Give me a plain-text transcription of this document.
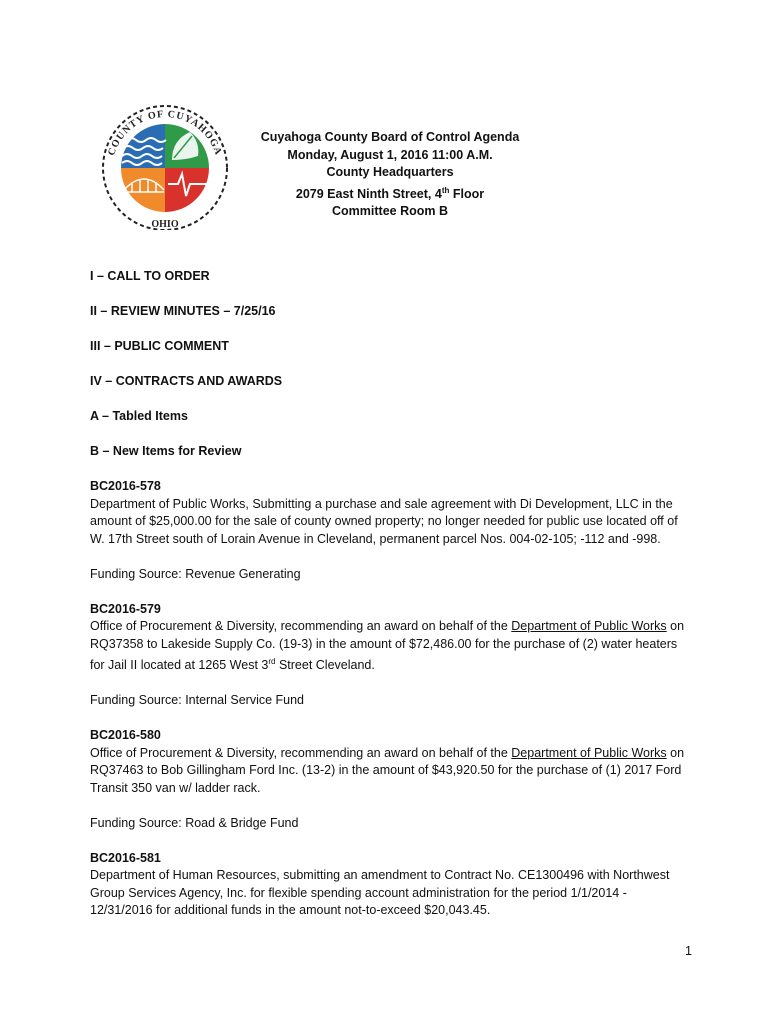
COUNTY OF CUYAHOGA
OHIO
Cuyahoga County Board of Control Agenda
Monday, August 1, 2016 11:00 A.M.
County Headquarters
2079 East Ninth Street, 4th Floor
Committee Room B

I – CALL TO ORDER

II – REVIEW MINUTES – 7/25/16

III – PUBLIC COMMENT

IV – CONTRACTS AND AWARDS

A – Tabled Items

B – New Items for Review

BC2016-578

Department of Public Works, Submitting a purchase and sale agreement with Di Development, LLC in the amount of $25,000.00 for the sale of county owned property; no longer needed for public use located off of W. 17th Street south of Lorain Avenue in Cleveland, permanent parcel Nos. 004-02-105; -112 and -998.

Funding Source: Revenue Generating

BC2016-579

Office of Procurement & Diversity, recommending an award on behalf of the Department of Public Works on RQ37358 to Lakeside Supply Co. (19-3) in the amount of $72,486.00 for the purchase of (2) water heaters for Jail II located at 1265 West 3rd Street Cleveland.

Funding Source: Internal Service Fund

BC2016-580

Office of Procurement & Diversity, recommending an award on behalf of the Department of Public Works on RQ37463 to Bob Gillingham Ford Inc. (13-2) in the amount of $43,920.50 for the purchase of (1) 2017 Ford Transit 350 van w/ ladder rack.

Funding Source: Road & Bridge Fund

BC2016-581

Department of Human Resources, submitting an amendment to Contract No. CE1300496 with Northwest Group Services Agency, Inc. for flexible spending account administration for the period 1/1/2014 - 12/31/2016 for additional funds in the amount not-to-exceed $20,043.45.

1
